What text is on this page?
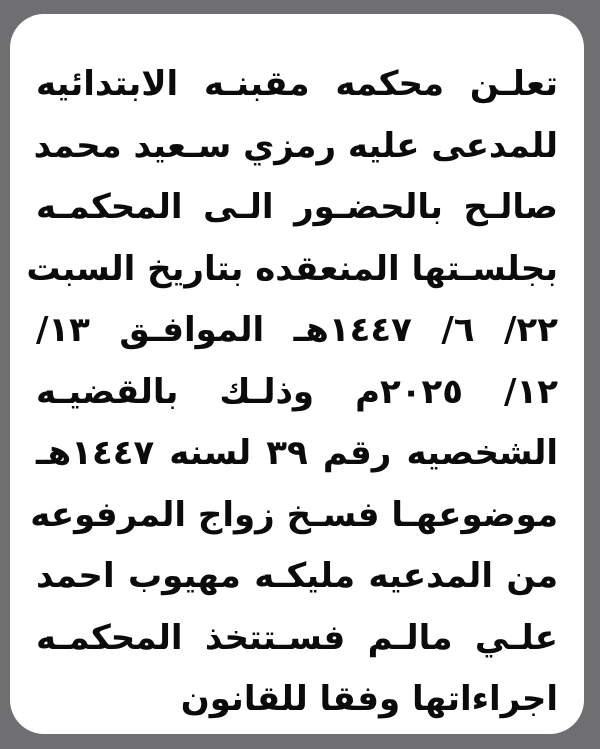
تعلـن محكمه مقبنـه الابتدائيه
للمدعى عليه رمزي سـعيد محمد
صالـح بالحضـور الـى المحكمـه
بجلسـتها المنعقده بتاريخ السبت
٢٢/ ٦/ ١٤٤٧هـ الموافـق ١٣/
١٢/ ٢٠٢٥م وذلـك بالقضيـه
الشخصيه رقم ٣٩ لسنه ١٤٤٧هـ
موضوعهـا فسـخ زواج المرفوعه
من المدعيه مليكـه مهيوب احمد
علـي مالـم فسـتتخذ المحكمـه
اجراءاتها وفقا للقانون
